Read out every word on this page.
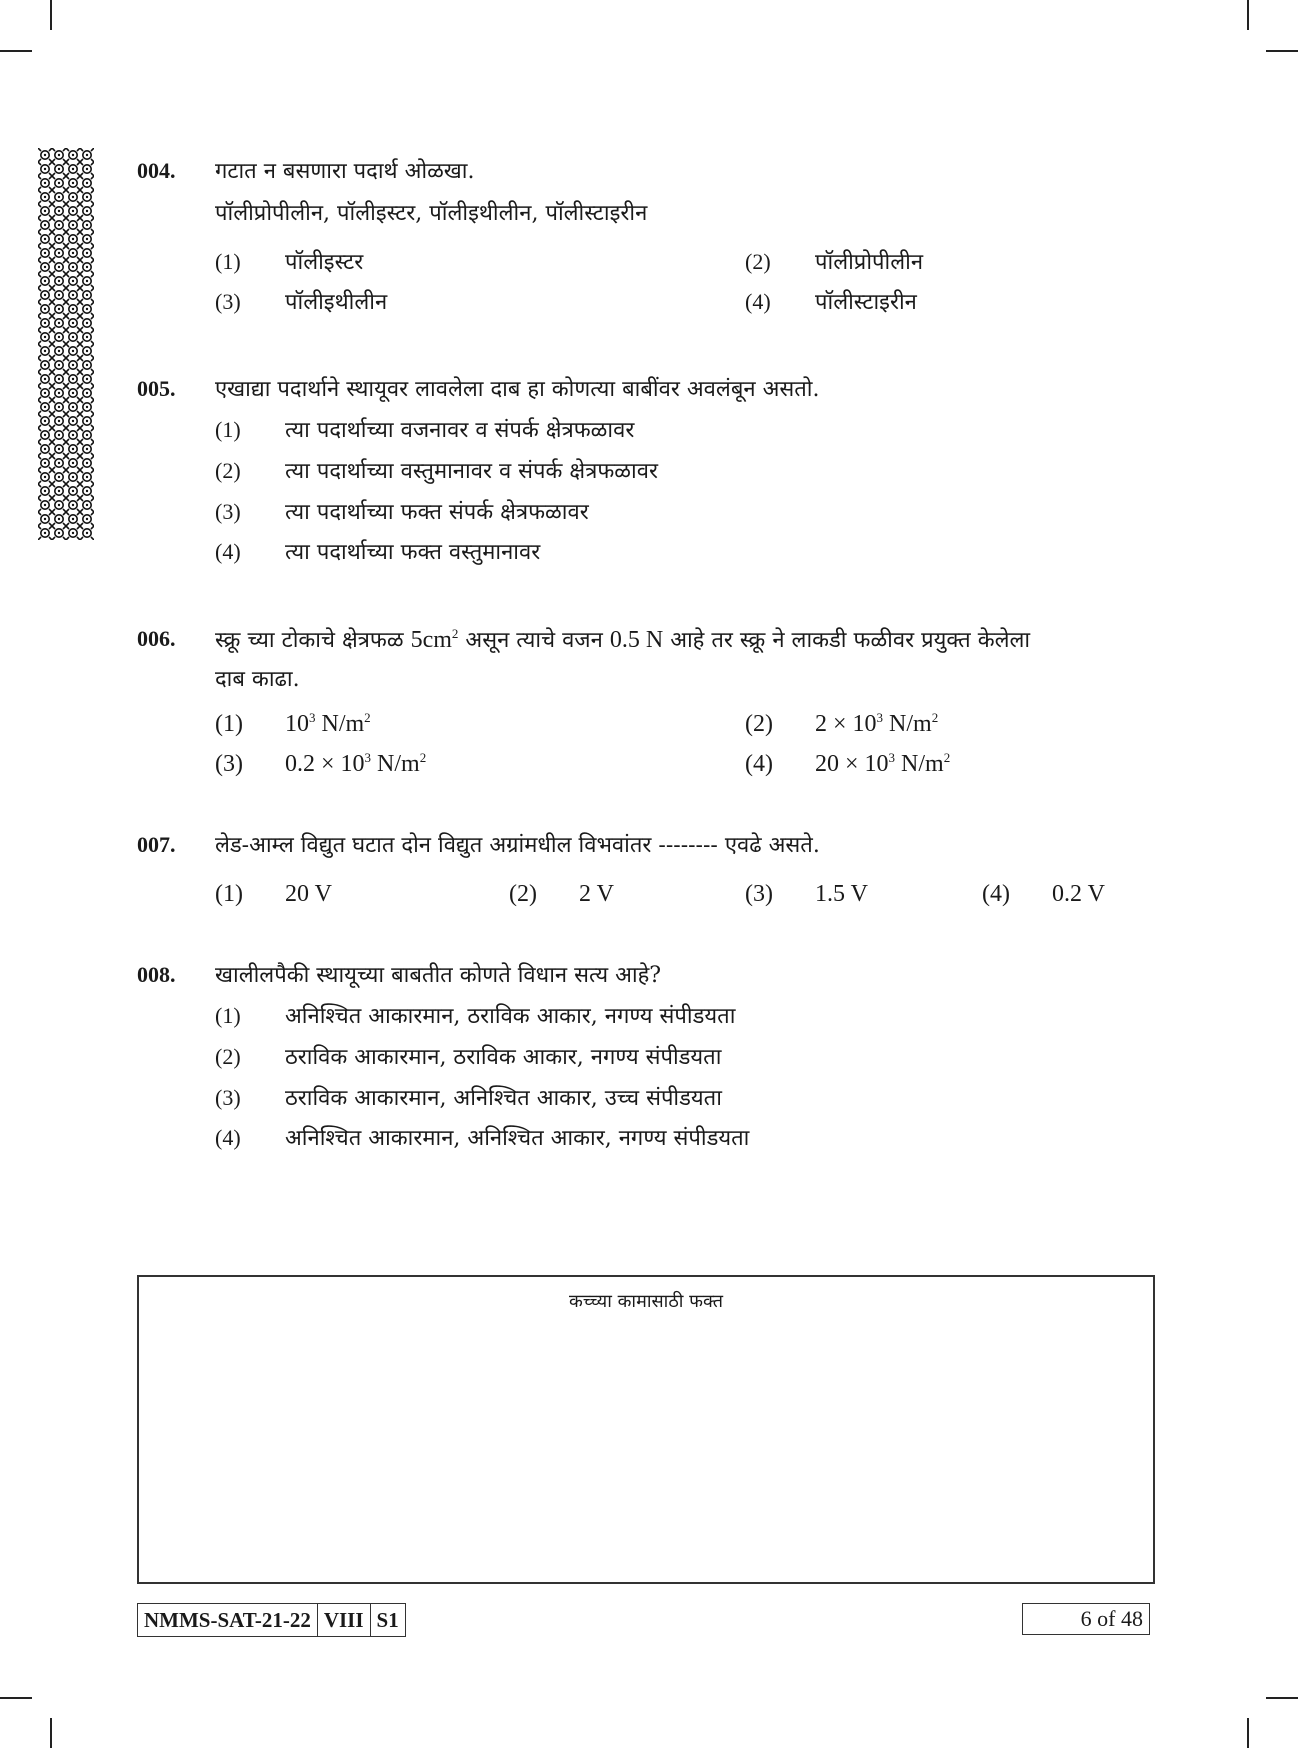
004. गटात न बसणारा पदार्थ ओळखा.
पॉलीप्रोपीलीन, पॉलीइस्टर, पॉलीइथीलीन, पॉलीस्टाइरीन
(1) पॉलीइस्टर	(2) पॉलीप्रोपीलीन
(3) पॉलीइथीलीन	(4) पॉलीस्टाइरीन
005. एखाद्या पदार्थाने स्थायूवर लावलेला दाब हा कोणत्या बाबींवर अवलंबून असतो.
(1) त्या पदार्थाच्या वजनावर व संपर्क क्षेत्रफळावर
(2) त्या पदार्थाच्या वस्तुमानावर व संपर्क क्षेत्रफळावर
(3) त्या पदार्थाच्या फक्त संपर्क क्षेत्रफळावर
(4) त्या पदार्थाच्या फक्त वस्तुमानावर
006. स्क्रू च्या टोकाचे क्षेत्रफळ $5cm^2$ असून त्याचे वजन 0.5 N आहे तर स्क्रू ने लाकडी फळीवर प्रयुक्त केलेला
दाब काढा.
(1) $10^3$ $N/m^2$	(2) $2 \times 10^3$ $N/m^2$
(3) $0.2 \times 10^3$ $N/m^2$	(4) $20 \times 10^3$ $N/m^2$
007. लेड-आम्ल विद्युत घटात दोन विद्युत अग्रांमधील विभवांतर -------- एवढे असते.
(1) 20 V	(2) 2 V	(3) 1.5 V	(4) 0.2 V
008. खालीलपैकी स्थायूच्या बाबतीत कोणते विधान सत्य आहे?
(1) अनिश्चित आकारमान, ठराविक आकार, नगण्य संपीडयता
(2) ठराविक आकारमान, ठराविक आकार, नगण्य संपीडयता
(3) ठराविक आकारमान, अनिश्चित आकार, उच्च संपीडयता
(4) अनिश्चित आकारमान, अनिश्चित आकार, नगण्य संपीडयता
कच्च्या कामासाठी फक्त
NMMS-SAT-21-22 VIII S1	6 of 48
